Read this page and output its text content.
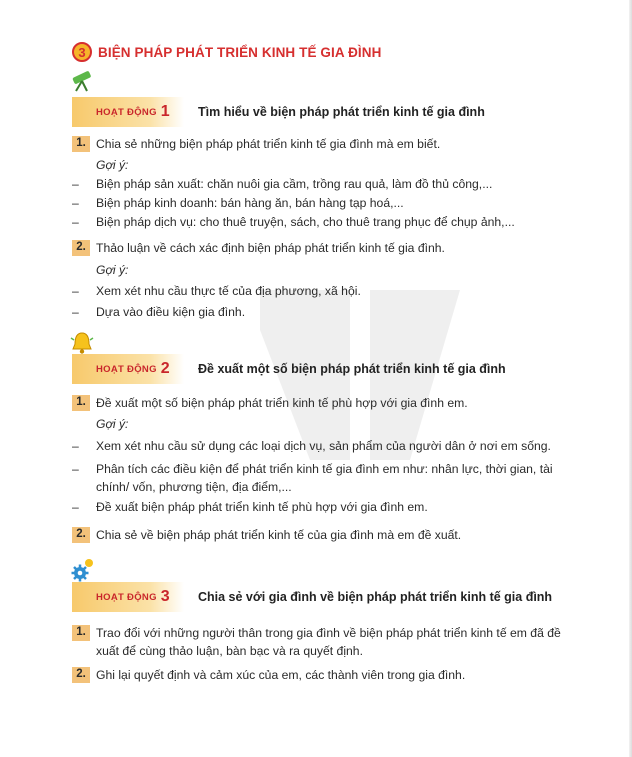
3 BIỆN PHÁP PHÁT TRIỂN KINH TẾ GIA ĐÌNH
HOẠT ĐỘNG 1 Tìm hiểu về biện pháp phát triển kinh tế gia đình
1. Chia sẻ những biện pháp phát triển kinh tế gia đình mà em biết.
Gợi ý:
– Biện pháp sản xuất: chăn nuôi gia cầm, trồng rau quả, làm đồ thủ công,...
– Biện pháp kinh doanh: bán hàng ăn, bán hàng tạp hoá,...
– Biện pháp dịch vụ: cho thuê truyện, sách, cho thuê trang phục để chụp ảnh,...
2. Thảo luận về cách xác định biện pháp phát triển kinh tế gia đình.
Gợi ý:
– Xem xét nhu cầu thực tế của địa phương, xã hội.
– Dựa vào điều kiện gia đình.
HOẠT ĐỘNG 2 Đề xuất một số biện pháp phát triển kinh tế gia đình
1. Đề xuất một số biện pháp phát triển kinh tế phù hợp với gia đình em.
Gợi ý:
– Xem xét nhu cầu sử dụng các loại dịch vụ, sản phẩm của người dân ở nơi em sống.
– Phân tích các điều kiện để phát triển kinh tế gia đình em như: nhân lực, thời gian, tài chính/ vốn, phương tiện, địa điểm,...
– Đề xuất biện pháp phát triển kinh tế phù hợp với gia đình em.
2. Chia sẻ về biện pháp phát triển kinh tế của gia đình mà em đề xuất.
HOẠT ĐỘNG 3 Chia sẻ với gia đình về biện pháp phát triển kinh tế gia đình
1. Trao đổi với những người thân trong gia đình về biện pháp phát triển kinh tế em đã đề xuất để cùng thảo luận, bàn bạc và ra quyết định.
2. Ghi lại quyết định và cảm xúc của em, các thành viên trong gia đình.
